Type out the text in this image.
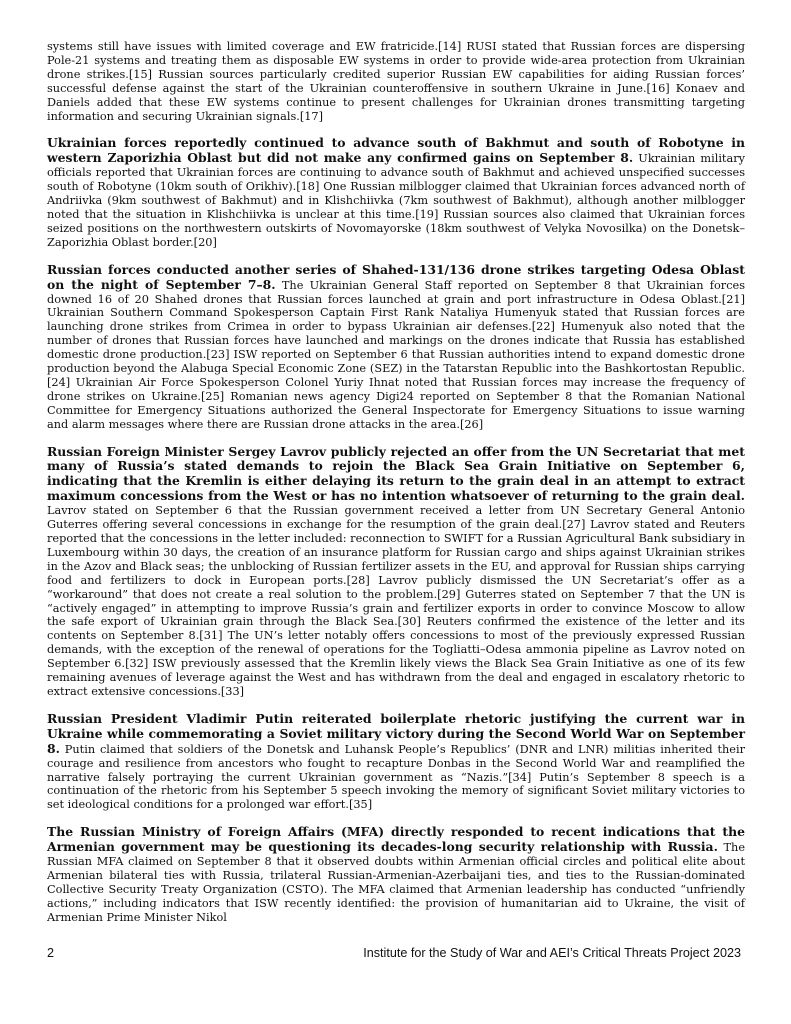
systems still have issues with limited coverage and EW fratricide.[14] RUSI stated that Russian forces are dispersing Pole-21 systems and treating them as disposable EW systems in order to provide wide-area protection from Ukrainian drone strikes.[15] Russian sources particularly credited superior Russian EW capabilities for aiding Russian forces’ successful defense against the start of the Ukrainian counteroffensive in southern Ukraine in June.[16] Konaev and Daniels added that these EW systems continue to present challenges for Ukrainian drones transmitting targeting information and securing Ukrainian signals.[17]

Ukrainian forces reportedly continued to advance south of Bakhmut and south of Robotyne in western Zaporizhia Oblast but did not make any confirmed gains on September 8. Ukrainian military officials reported that Ukrainian forces are continuing to advance south of Bakhmut and achieved unspecified successes south of Robotyne (10km south of Orikhiv).[18] One Russian milblogger claimed that Ukrainian forces advanced north of Andriivka (9km southwest of Bakhmut) and in Klishchiivka (7km southwest of Bakhmut), although another milblogger noted that the situation in Klishchiivka is unclear at this time.[19] Russian sources also claimed that Ukrainian forces seized positions on the northwestern outskirts of Novomayorske (18km southwest of Velyka Novosilka) on the Donetsk–Zaporizhia Oblast border.[20]

Russian forces conducted another series of Shahed-131/136 drone strikes targeting Odesa Oblast on the night of September 7–8. The Ukrainian General Staff reported on September 8 that Ukrainian forces downed 16 of 20 Shahed drones that Russian forces launched at grain and port infrastructure in Odesa Oblast.[21] Ukrainian Southern Command Spokesperson Captain First Rank Nataliya Humenyuk stated that Russian forces are launching drone strikes from Crimea in order to bypass Ukrainian air defenses.[22] Humenyuk also noted that the number of drones that Russian forces have launched and markings on the drones indicate that Russia has established domestic drone production.[23] ISW reported on September 6 that Russian authorities intend to expand domestic drone production beyond the Alabuga Special Economic Zone (SEZ) in the Tatarstan Republic into the Bashkortostan Republic.[24] Ukrainian Air Force Spokesperson Colonel Yuriy Ihnat noted that Russian forces may increase the frequency of drone strikes on Ukraine.[25] Romanian news agency Digi24 reported on September 8 that the Romanian National Committee for Emergency Situations authorized the General Inspectorate for Emergency Situations to issue warning and alarm messages where there are Russian drone attacks in the area.[26]

Russian Foreign Minister Sergey Lavrov publicly rejected an offer from the UN Secretariat that met many of Russia’s stated demands to rejoin the Black Sea Grain Initiative on September 6, indicating that the Kremlin is either delaying its return to the grain deal in an attempt to extract maximum concessions from the West or has no intention whatsoever of returning to the grain deal. Lavrov stated on September 6 that the Russian government received a letter from UN Secretary General Antonio Guterres offering several concessions in exchange for the resumption of the grain deal.[27] Lavrov stated and Reuters reported that the concessions in the letter included: reconnection to SWIFT for a Russian Agricultural Bank subsidiary in Luxembourg within 30 days, the creation of an insurance platform for Russian cargo and ships against Ukrainian strikes in the Azov and Black seas; the unblocking of Russian fertilizer assets in the EU, and approval for Russian ships carrying food and fertilizers to dock in European ports.[28] Lavrov publicly dismissed the UN Secretariat’s offer as a “workaround” that does not create a real solution to the problem.[29] Guterres stated on September 7 that the UN is “actively engaged” in attempting to improve Russia’s grain and fertilizer exports in order to convince Moscow to allow the safe export of Ukrainian grain through the Black Sea.[30] Reuters confirmed the existence of the letter and its contents on September 8.[31] The UN’s letter notably offers concessions to most of the previously expressed Russian demands, with the exception of the renewal of operations for the Togliatti–Odesa ammonia pipeline as Lavrov noted on September 6.[32] ISW previously assessed that the Kremlin likely views the Black Sea Grain Initiative as one of its few remaining avenues of leverage against the West and has withdrawn from the deal and engaged in escalatory rhetoric to extract extensive concessions.[33]

Russian President Vladimir Putin reiterated boilerplate rhetoric justifying the current war in Ukraine while commemorating a Soviet military victory during the Second World War on September 8. Putin claimed that soldiers of the Donetsk and Luhansk People’s Republics’ (DNR and LNR) militias inherited their courage and resilience from ancestors who fought to recapture Donbas in the Second World War and reamplified the narrative falsely portraying the current Ukrainian government as “Nazis.”[34] Putin’s September 8 speech is a continuation of the rhetoric from his September 5 speech invoking the memory of significant Soviet military victories to set ideological conditions for a prolonged war effort.[35]

The Russian Ministry of Foreign Affairs (MFA) directly responded to recent indications that the Armenian government may be questioning its decades-long security relationship with Russia. The Russian MFA claimed on September 8 that it observed doubts within Armenian official circles and political elite about Armenian bilateral ties with Russia, trilateral Russian-Armenian-Azerbaijani ties, and ties to the Russian-dominated Collective Security Treaty Organization (CSTO). The MFA claimed that Armenian leadership has conducted “unfriendly actions,” including indicators that ISW recently identified: the provision of humanitarian aid to Ukraine, the visit of Armenian Prime Minister Nikol

2	Institute for the Study of War and AEI’s Critical Threats Project 2023
